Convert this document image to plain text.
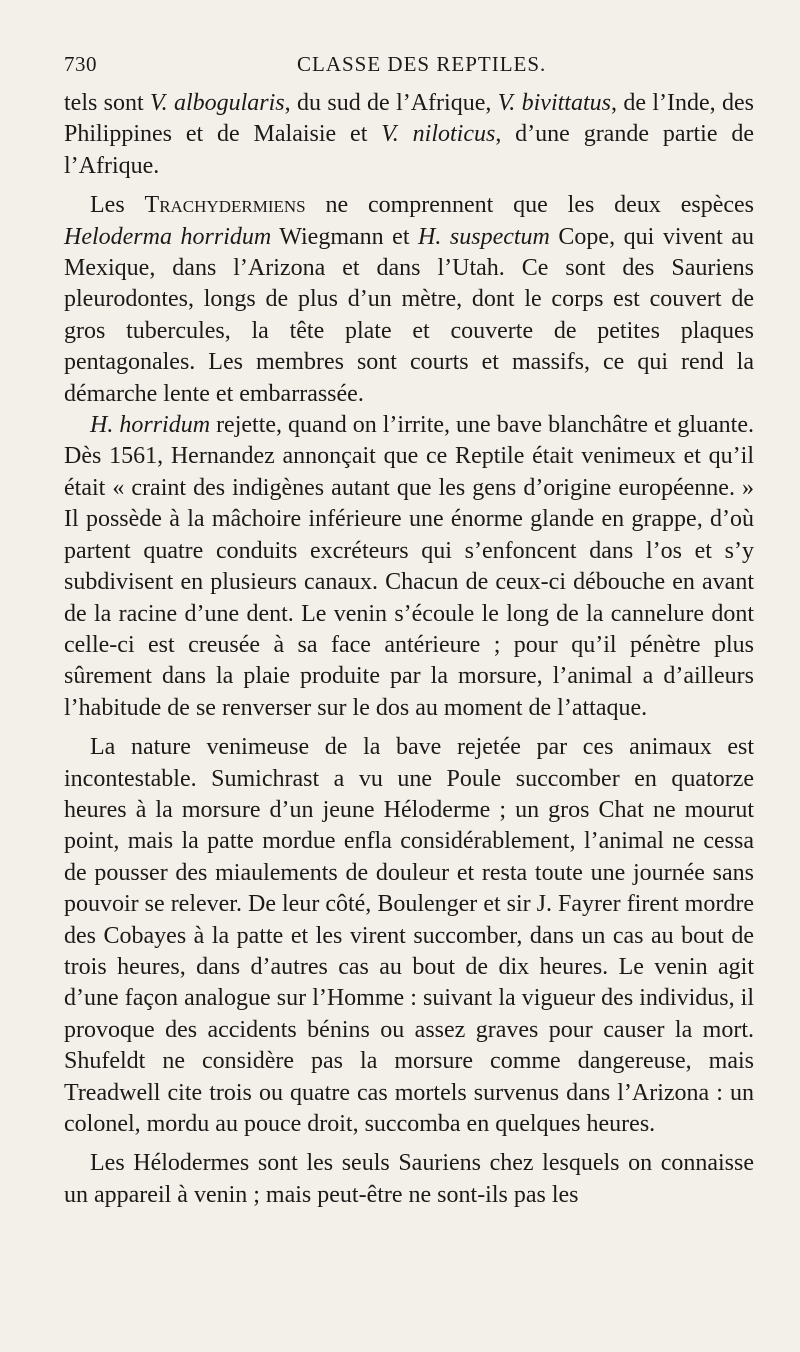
730	CLASSE DES REPTILES.

tels sont V. albogularis, du sud de l’Afrique, V. bivittatus, de l’Inde, des Philippines et de Malaisie et V. niloticus, d’une grande partie de l’Afrique.

Les Trachydermiens ne comprennent que les deux espèces Heloderma horridum Wiegmann et H. suspectum Cope, qui vivent au Mexique, dans l’Arizona et dans l’Utah. Ce sont des Sauriens pleurodontes, longs de plus d’un mètre, dont le corps est couvert de gros tubercules, la tête plate et couverte de petites plaques pentagonales. Les membres sont courts et massifs, ce qui rend la démarche lente et embarrassée.

H. horridum rejette, quand on l’irrite, une bave blanchâtre et gluante. Dès 1561, Hernandez annonçait que ce Reptile était venimeux et qu’il était « craint des indigènes autant que les gens d’origine européenne. » Il possède à la mâchoire inférieure une énorme glande en grappe, d’où partent quatre conduits excréteurs qui s’enfoncent dans l’os et s’y subdivisent en plusieurs canaux. Chacun de ceux-ci débouche en avant de la racine d’une dent. Le venin s’écoule le long de la cannelure dont celle-ci est creusée à sa face antérieure ; pour qu’il pénètre plus sûrement dans la plaie produite par la morsure, l’animal a d’ailleurs l’habitude de se renverser sur le dos au moment de l’attaque.

La nature venimeuse de la bave rejetée par ces animaux est incontestable. Sumichrast a vu une Poule succomber en quatorze heures à la morsure d’un jeune Héloderme ; un gros Chat ne mourut point, mais la patte mordue enfla considérablement, l’animal ne cessa de pousser des miaulements de douleur et resta toute une journée sans pouvoir se relever. De leur côté, Boulenger et sir J. Fayrer firent mordre des Cobayes à la patte et les virent succomber, dans un cas au bout de trois heures, dans d’autres cas au bout de dix heures. Le venin agit d’une façon analogue sur l’Homme : suivant la vigueur des individus, il provoque des accidents bénins ou assez graves pour causer la mort. Shufeldt ne considère pas la morsure comme dangereuse, mais Treadwell cite trois ou quatre cas mortels survenus dans l’Arizona : un colonel, mordu au pouce droit, succomba en quelques heures.

Les Hélodermes sont les seuls Sauriens chez lesquels on connaisse un appareil à venin ; mais peut-être ne sont-ils pas les
